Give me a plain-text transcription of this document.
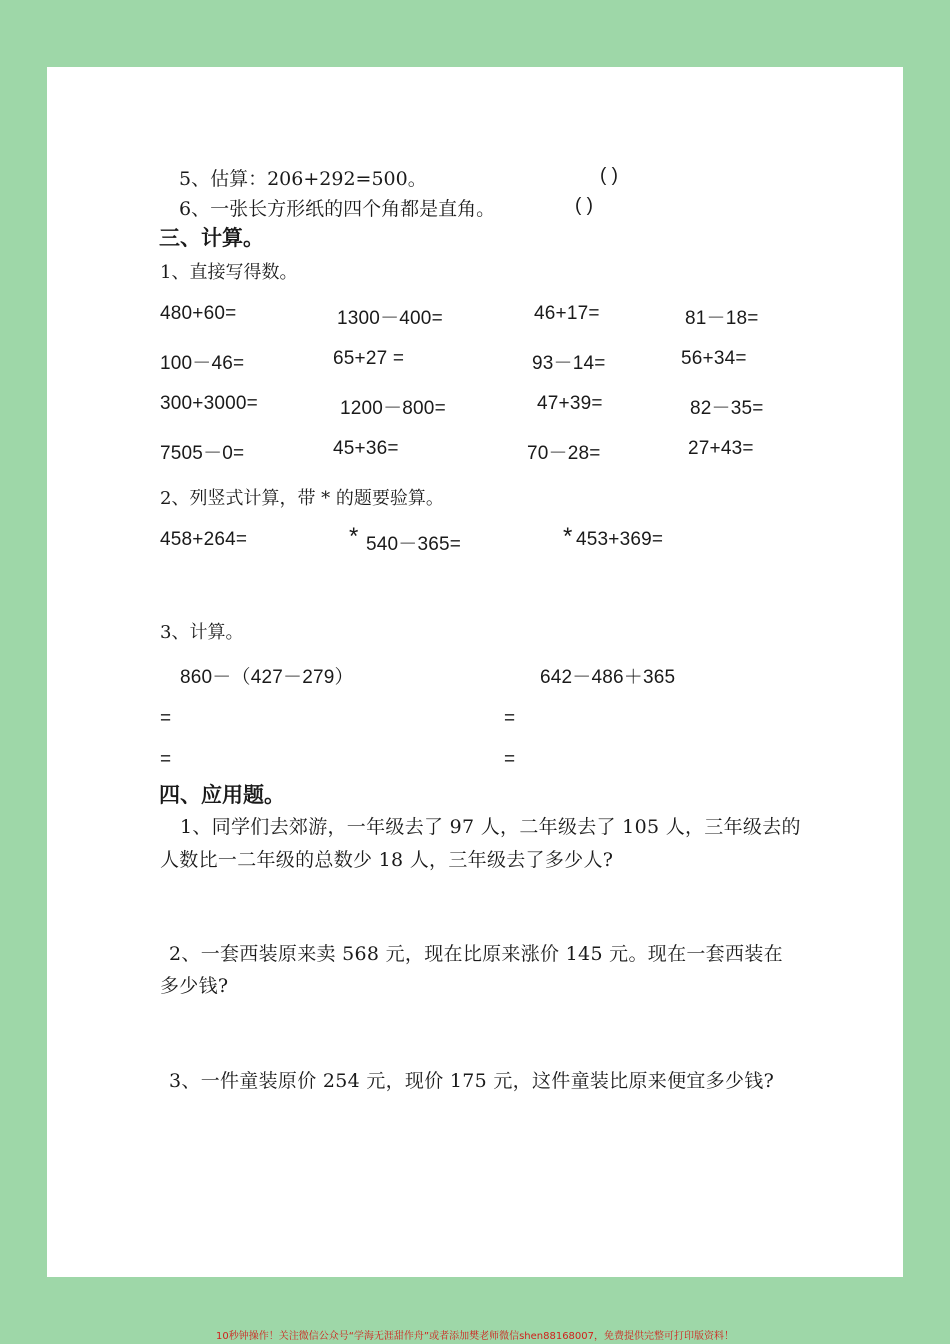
5、估算：206+292=500。	( )
6、一张长方形纸的四个角都是直角。	( )
三、计算。
1、直接写得数。
480+60=	1300－400=	46+17=	81－18=
100－46=	65+27 =	93－14=	56+34=
300+3000=	1200－800=	47+39=	82－35=
7505－0=	45+36=	70－28=	27+43=
2、列竖式计算，带 * 的题要验算。
458+264=	* 540－365=	* 453+369=
3、计算。
860－（427－279）	642－486＋365
=	=
=	=
四、应用题。
1、同学们去郊游，一年级去了 97 人，二年级去了 105 人，三年级去的
人数比一二年级的总数少 18 人，三年级去了多少人?
2、一套西装原来卖 568 元，现在比原来涨价 145 元。现在一套西装在
多少钱?
3、一件童装原价 254 元，现价 175 元，这件童装比原来便宜多少钱?
10秒钟操作！关注微信公众号“学海无涯甜作舟”或者添加樊老师微信shen88168007，免费提供完整可打印版资料！
